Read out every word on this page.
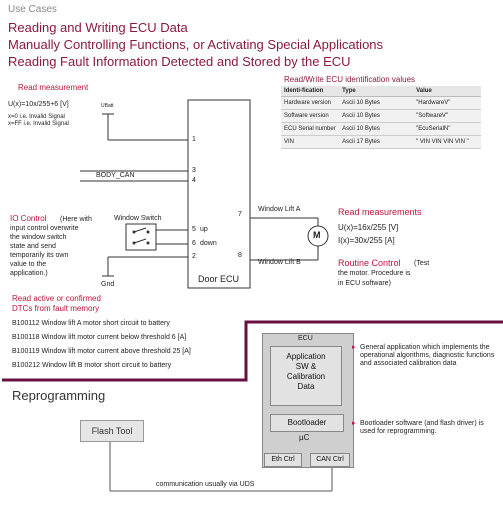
Use Cases
Reading and Writing ECU Data
Manually Controlling Functions, or Activating Special Applications
Reading Fault Information Detected and Stored by the ECU
Read measurement
U(x)=10x/255+6 [V]	UBatt
x=0 i.e. Invalid Signal
x=FF i.e. Invalid Signal
1
3
4
7
5 up
6 down
2	8
Door ECU
BODY_CAN
Window Switch
Gnd
Window Lift A
Window Lift B
M
IO Control (Here with
input control overwrite
the window switch
state and send
temporarily its own
value to the
application.)
Read/Write ECU identification values
Identi-fication	Type	Value
Hardware version	Ascii 10 Bytes	"HardwareV"
Software version	Ascii 10 Bytes	"SoftwareV"
ECU Serial number	Ascii 10 Bytes	"EcuSerialN"
VIN	Ascii 17 Bytes	" VIN VIN VIN VIN "
Read measurements
U(x)=16x/255 [V]
I(x)=30x/255 [A]
Routine Control (Test
the motor. Procedure is
in ECU software)
Read active or confirmed
DTCs from fault memory
B100112 Window lift A motor short circuit to battery
B100118 Window lift motor current below threshold 6 [A]
B100119 Window lift motor current above threshold 25 [A]
B100212 Window lift B motor short circuit to battery
Reprogramming
Flash Tool
communication usually via UDS
ECU
Application
SW &
Calibration
Data
Bootloader
µC
Eth Ctrl	CAN Ctrl
▸ General application which implements the operational algorithms, diagnostic functions and associated calibration data
▸ Bootloader software (and flash driver) is used for reprogramming.
